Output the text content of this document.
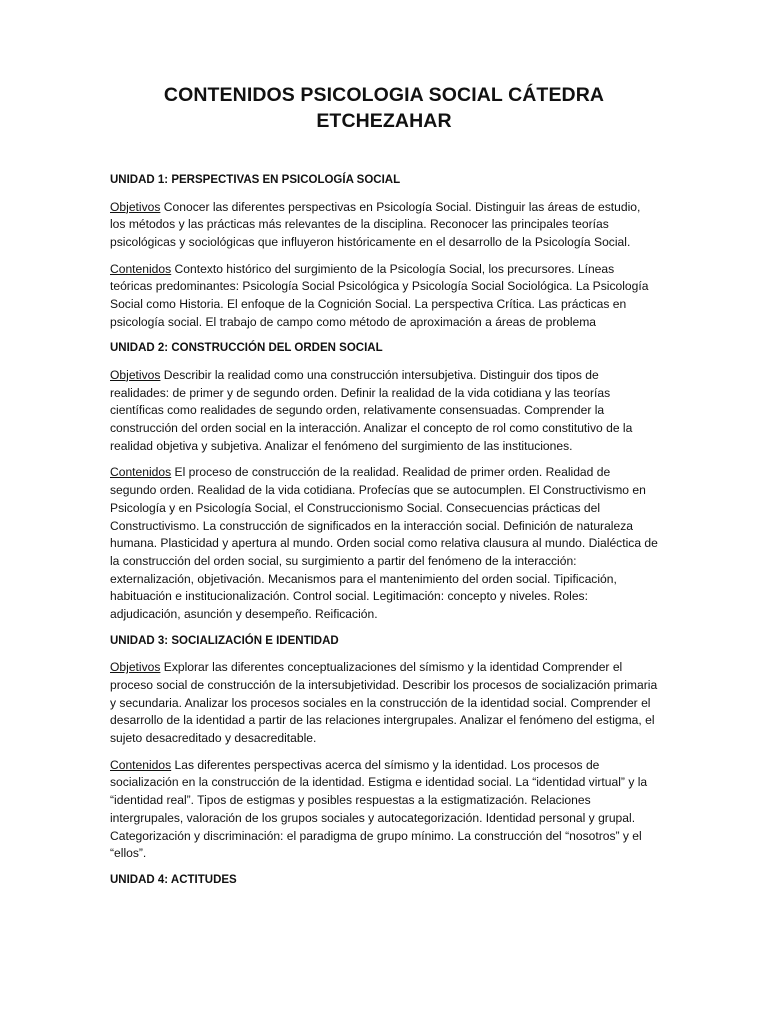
CONTENIDOS PSICOLOGIA SOCIAL CÁTEDRA ETCHEZAHAR
UNIDAD 1: PERSPECTIVAS EN PSICOLOGÍA SOCIAL

Objetivos Conocer las diferentes perspectivas en Psicología Social. Distinguir las áreas de estudio, los métodos y las prácticas más relevantes de la disciplina. Reconocer las principales teorías psicológicas y sociológicas que influyeron históricamente en el desarrollo de la Psicología Social.

Contenidos Contexto histórico del surgimiento de la Psicología Social, los precursores. Líneas teóricas predominantes: Psicología Social Psicológica y Psicología Social Sociológica. La Psicología Social como Historia. El enfoque de la Cognición Social. La perspectiva Crítica. Las prácticas en psicología social. El trabajo de campo como método de aproximación a áreas de problema

UNIDAD 2: CONSTRUCCIÓN DEL ORDEN SOCIAL

Objetivos Describir la realidad como una construcción intersubjetiva. Distinguir dos tipos de realidades: de primer y de segundo orden. Definir la realidad de la vida cotidiana y las teorías científicas como realidades de segundo orden, relativamente consensuadas. Comprender la construcción del orden social en la interacción. Analizar el concepto de rol como constitutivo de la realidad objetiva y subjetiva. Analizar el fenómeno del surgimiento de las instituciones.

Contenidos El proceso de construcción de la realidad. Realidad de primer orden. Realidad de segundo orden. Realidad de la vida cotidiana. Profecías que se autocumplen. El Constructivismo en Psicología y en Psicología Social, el Construccionismo Social. Consecuencias prácticas del Constructivismo. La construcción de significados en la interacción social. Definición de naturaleza humana. Plasticidad y apertura al mundo. Orden social como relativa clausura al mundo. Dialéctica de la construcción del orden social, su surgimiento a partir del fenómeno de la interacción: externalización, objetivación. Mecanismos para el mantenimiento del orden social. Tipificación, habituación e institucionalización. Control social. Legitimación: concepto y niveles. Roles: adjudicación, asunción y desempeño. Reificación.

UNIDAD 3: SOCIALIZACIÓN E IDENTIDAD

Objetivos Explorar las diferentes conceptualizaciones del símismo y la identidad Comprender el proceso social de construcción de la intersubjetividad. Describir los procesos de socialización primaria y secundaria. Analizar los procesos sociales en la construcción de la identidad social. Comprender el desarrollo de la identidad a partir de las relaciones intergrupales. Analizar el fenómeno del estigma, el sujeto desacreditado y desacreditable.

Contenidos Las diferentes perspectivas acerca del símismo y la identidad. Los procesos de socialización en la construcción de la identidad. Estigma e identidad social. La “identidad virtual” y la “identidad real”. Tipos de estigmas y posibles respuestas a la estigmatización. Relaciones intergrupales, valoración de los grupos sociales y autocategorización. Identidad personal y grupal. Categorización y discriminación: el paradigma de grupo mínimo. La construcción del “nosotros” y el “ellos”.

UNIDAD 4: ACTITUDES
